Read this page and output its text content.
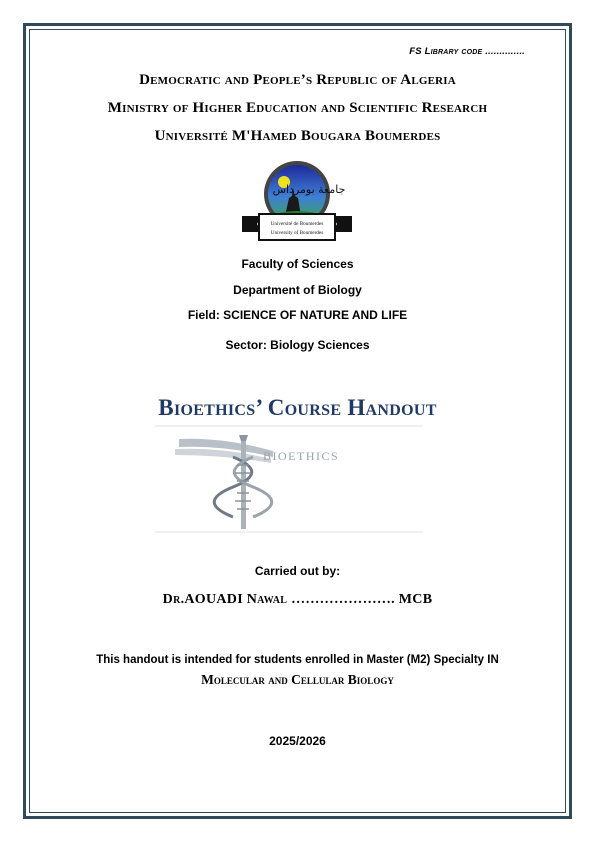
FS Library code ..............
Democratic and People’s Republic of Algeria
Ministry of Higher Education and Scientific Research
Université M'Hamed Bougara Boumerdes
جامعة بومرداس
Université de Boumerdes
University of Boumerdes
Faculty of Sciences
Department of Biology
Field: SCIENCE OF NATURE AND LIFE
Sector: Biology Sciences
Bioethics’ Course Handout
BIOETHICS
Carried out by:
Dr.AOUADI Nawal …………………. MCB
This handout is intended for students enrolled in Master (M2) Specialty IN
Molecular and Cellular Biology
2025/2026
